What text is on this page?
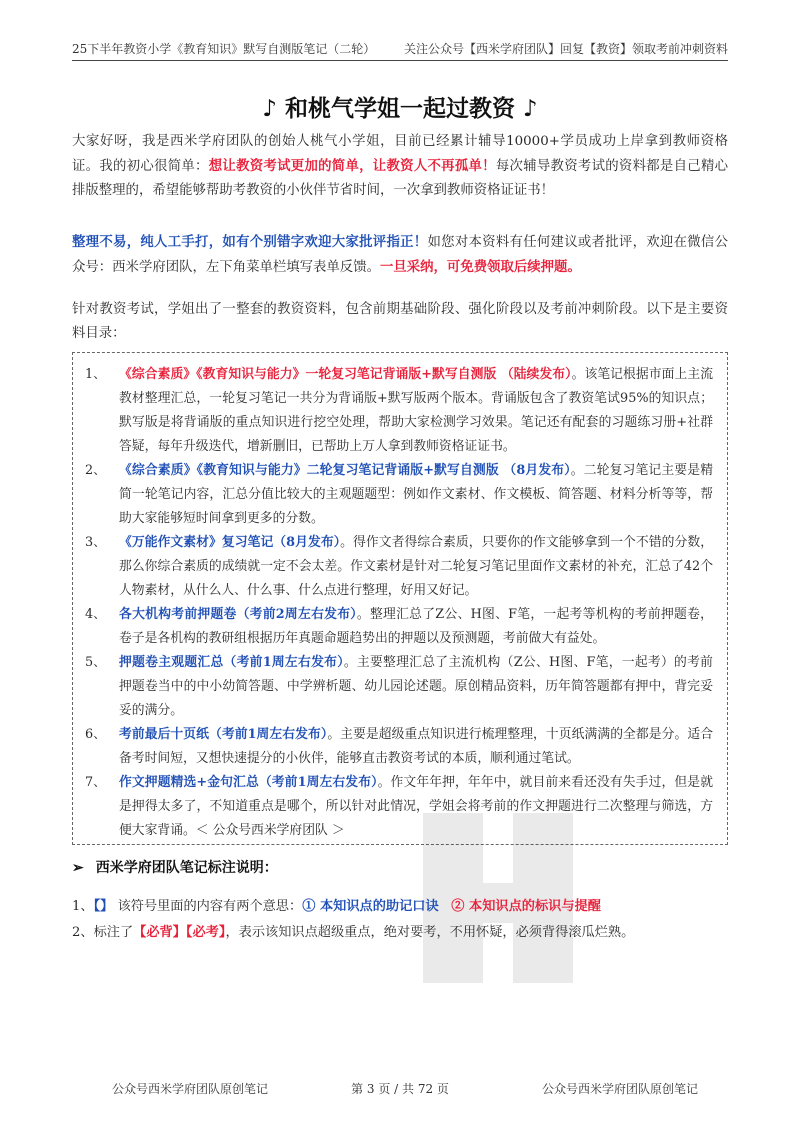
25下半年教资小学《教育知识》默写自测版笔记（二轮） 关注公众号【西米学府团队】回复【教资】领取考前冲刺资料
♪ 和桃气学姐一起过教资 ♪
大家好呀，我是西米学府团队的创始人桃气小学姐，目前已经累计辅导10000+学员成功上岸拿到教师资格证。我的初心很简单：想让教资考试更加的简单，让教资人不再孤单！每次辅导教资考试的资料都是自己精心排版整理的，希望能够帮助考教资的小伙伴节省时间，一次拿到教师资格证证书！
整理不易，纯人工手打，如有个别错字欢迎大家批评指正！如您对本资料有任何建议或者批评，欢迎在微信公众号：西米学府团队，左下角菜单栏填写表单反馈。一旦采纳，可免费领取后续押题。
针对教资考试，学姐出了一整套的教资资料，包含前期基础阶段、强化阶段以及考前冲刺阶段。以下是主要资料目录：
1、	《综合素质》《教育知识与能力》一轮复习笔记背诵版+默写自测版 （陆续发布）。该笔记根据市面上主流教材整理汇总，一轮复习笔记一共分为背诵版+默写版两个版本。背诵版包含了教资笔试95%的知识点；默写版是将背诵版的重点知识进行挖空处理，帮助大家检测学习效果。笔记还有配套的习题练习册+社群答疑，每年升级迭代，增新删旧，已帮助上万人拿到教师资格证证书。
2、	《综合素质》《教育知识与能力》二轮复习笔记背诵版+默写自测版 （8月发布）。二轮复习笔记主要是精简一轮笔记内容，汇总分值比较大的主观题题型：例如作文素材、作文模板、简答题、材料分析等等，帮助大家能够短时间拿到更多的分数。
3、	《万能作文素材》复习笔记（8月发布）。得作文者得综合素质，只要你的作文能够拿到一个不错的分数，那么你综合素质的成绩就一定不会太差。作文素材是针对二轮复习笔记里面作文素材的补充，汇总了42个人物素材，从什么人、什么事、什么点进行整理，好用又好记。
4、	各大机构考前押题卷（考前2周左右发布）。整理汇总了Z公、H图、F笔，一起考等机构的考前押题卷，卷子是各机构的教研组根据历年真题命题趋势出的押题以及预测题，考前做大有益处。
5、	押题卷主观题汇总（考前1周左右发布）。主要整理汇总了主流机构（Z公、H图、F笔，一起考）的考前押题卷当中的中小幼简答题、中学辨析题、幼儿园论述题。原创精品资料，历年简答题都有押中，背完妥妥的满分。
6、	考前最后十页纸（考前1周左右发布）。主要是超级重点知识进行梳理整理，十页纸满满的全都是分。适合备考时间短，又想快速提分的小伙伴，能够直击教资考试的本质，顺利通过笔试。
7、	作文押题精选+金句汇总（考前1周左右发布）。作文年年押，年年中，就目前来看还没有失手过，但是就是押得太多了，不知道重点是哪个，所以针对此情况，学姐会将考前的作文押题进行二次整理与筛选，方便大家背诵。＜ 公众号西米学府团队 ＞
➢ 西米学府团队笔记标注说明：
1、【】 该符号里面的内容有两个意思：① 本知识点的助记口诀 ② 本知识点的标识与提醒
2、标注了【必背】【必考】，表示该知识点超级重点，绝对要考，不用怀疑，必须背得滚瓜烂熟。
公众号西米学府团队原创笔记	第 3 页 / 共 72 页	公众号西米学府团队原创笔记
